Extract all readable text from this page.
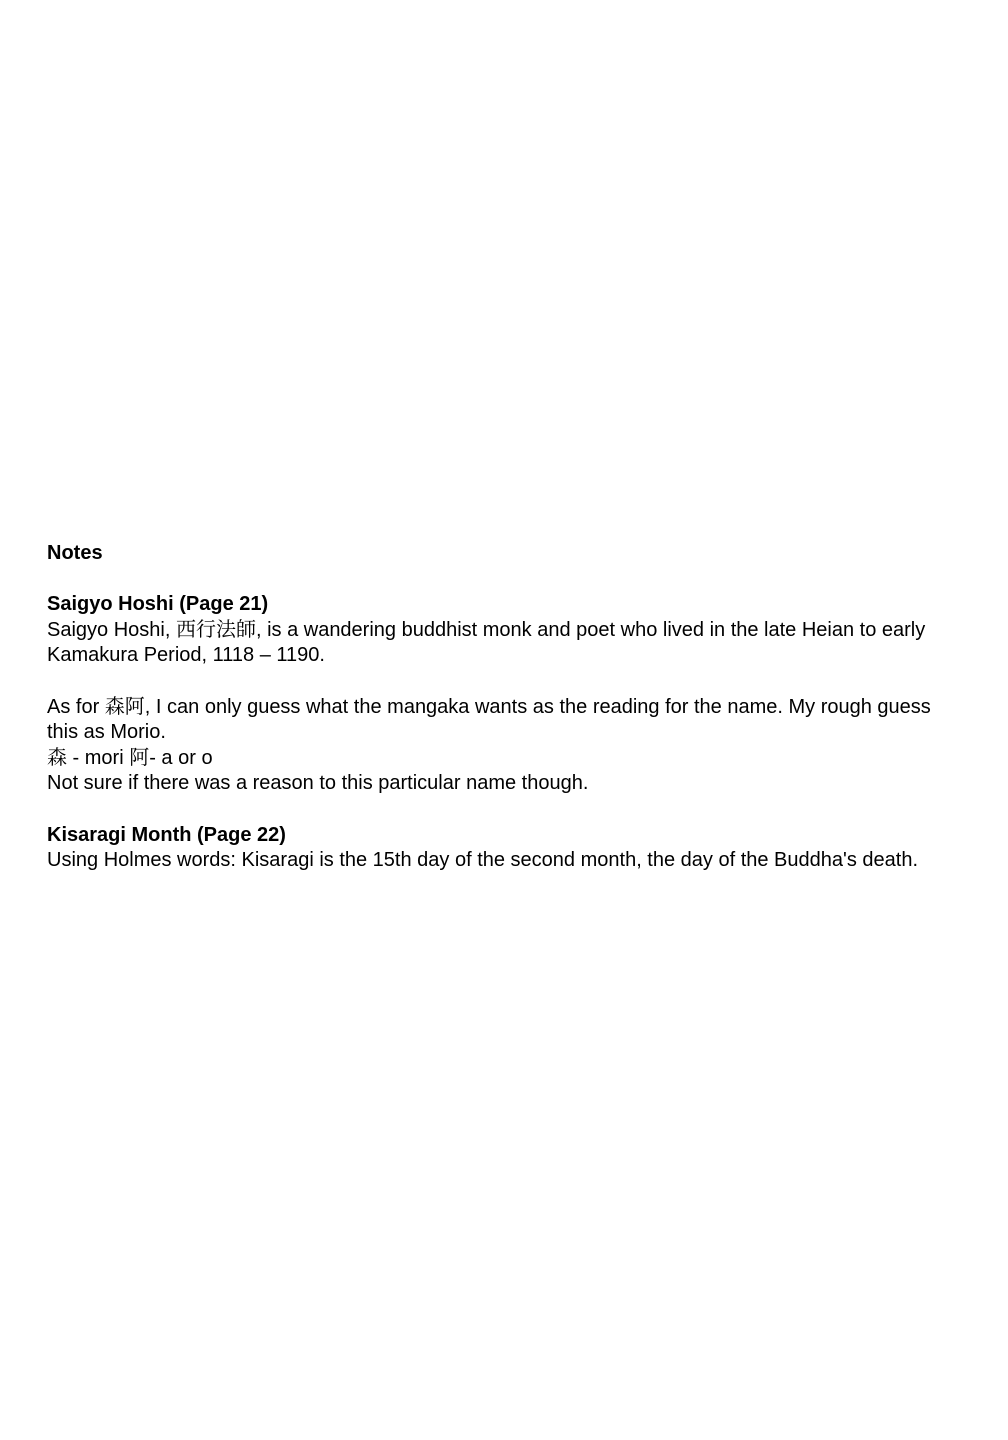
Notes

Saigyo Hoshi (Page 21)

Saigyo Hoshi, 西行法師, is a wandering buddhist monk and poet who lived in the late Heian to early Kamakura Period, 1118 – 1190.

As for 森阿, I can only guess what the mangaka wants as the reading for the name. My rough guess this as Morio.

森 - mori 阿- a or o

Not sure if there was a reason to this particular name though.

Kisaragi Month (Page 22)

Using Holmes words: Kisaragi is the 15th day of the second month, the day of the Buddha's death.
